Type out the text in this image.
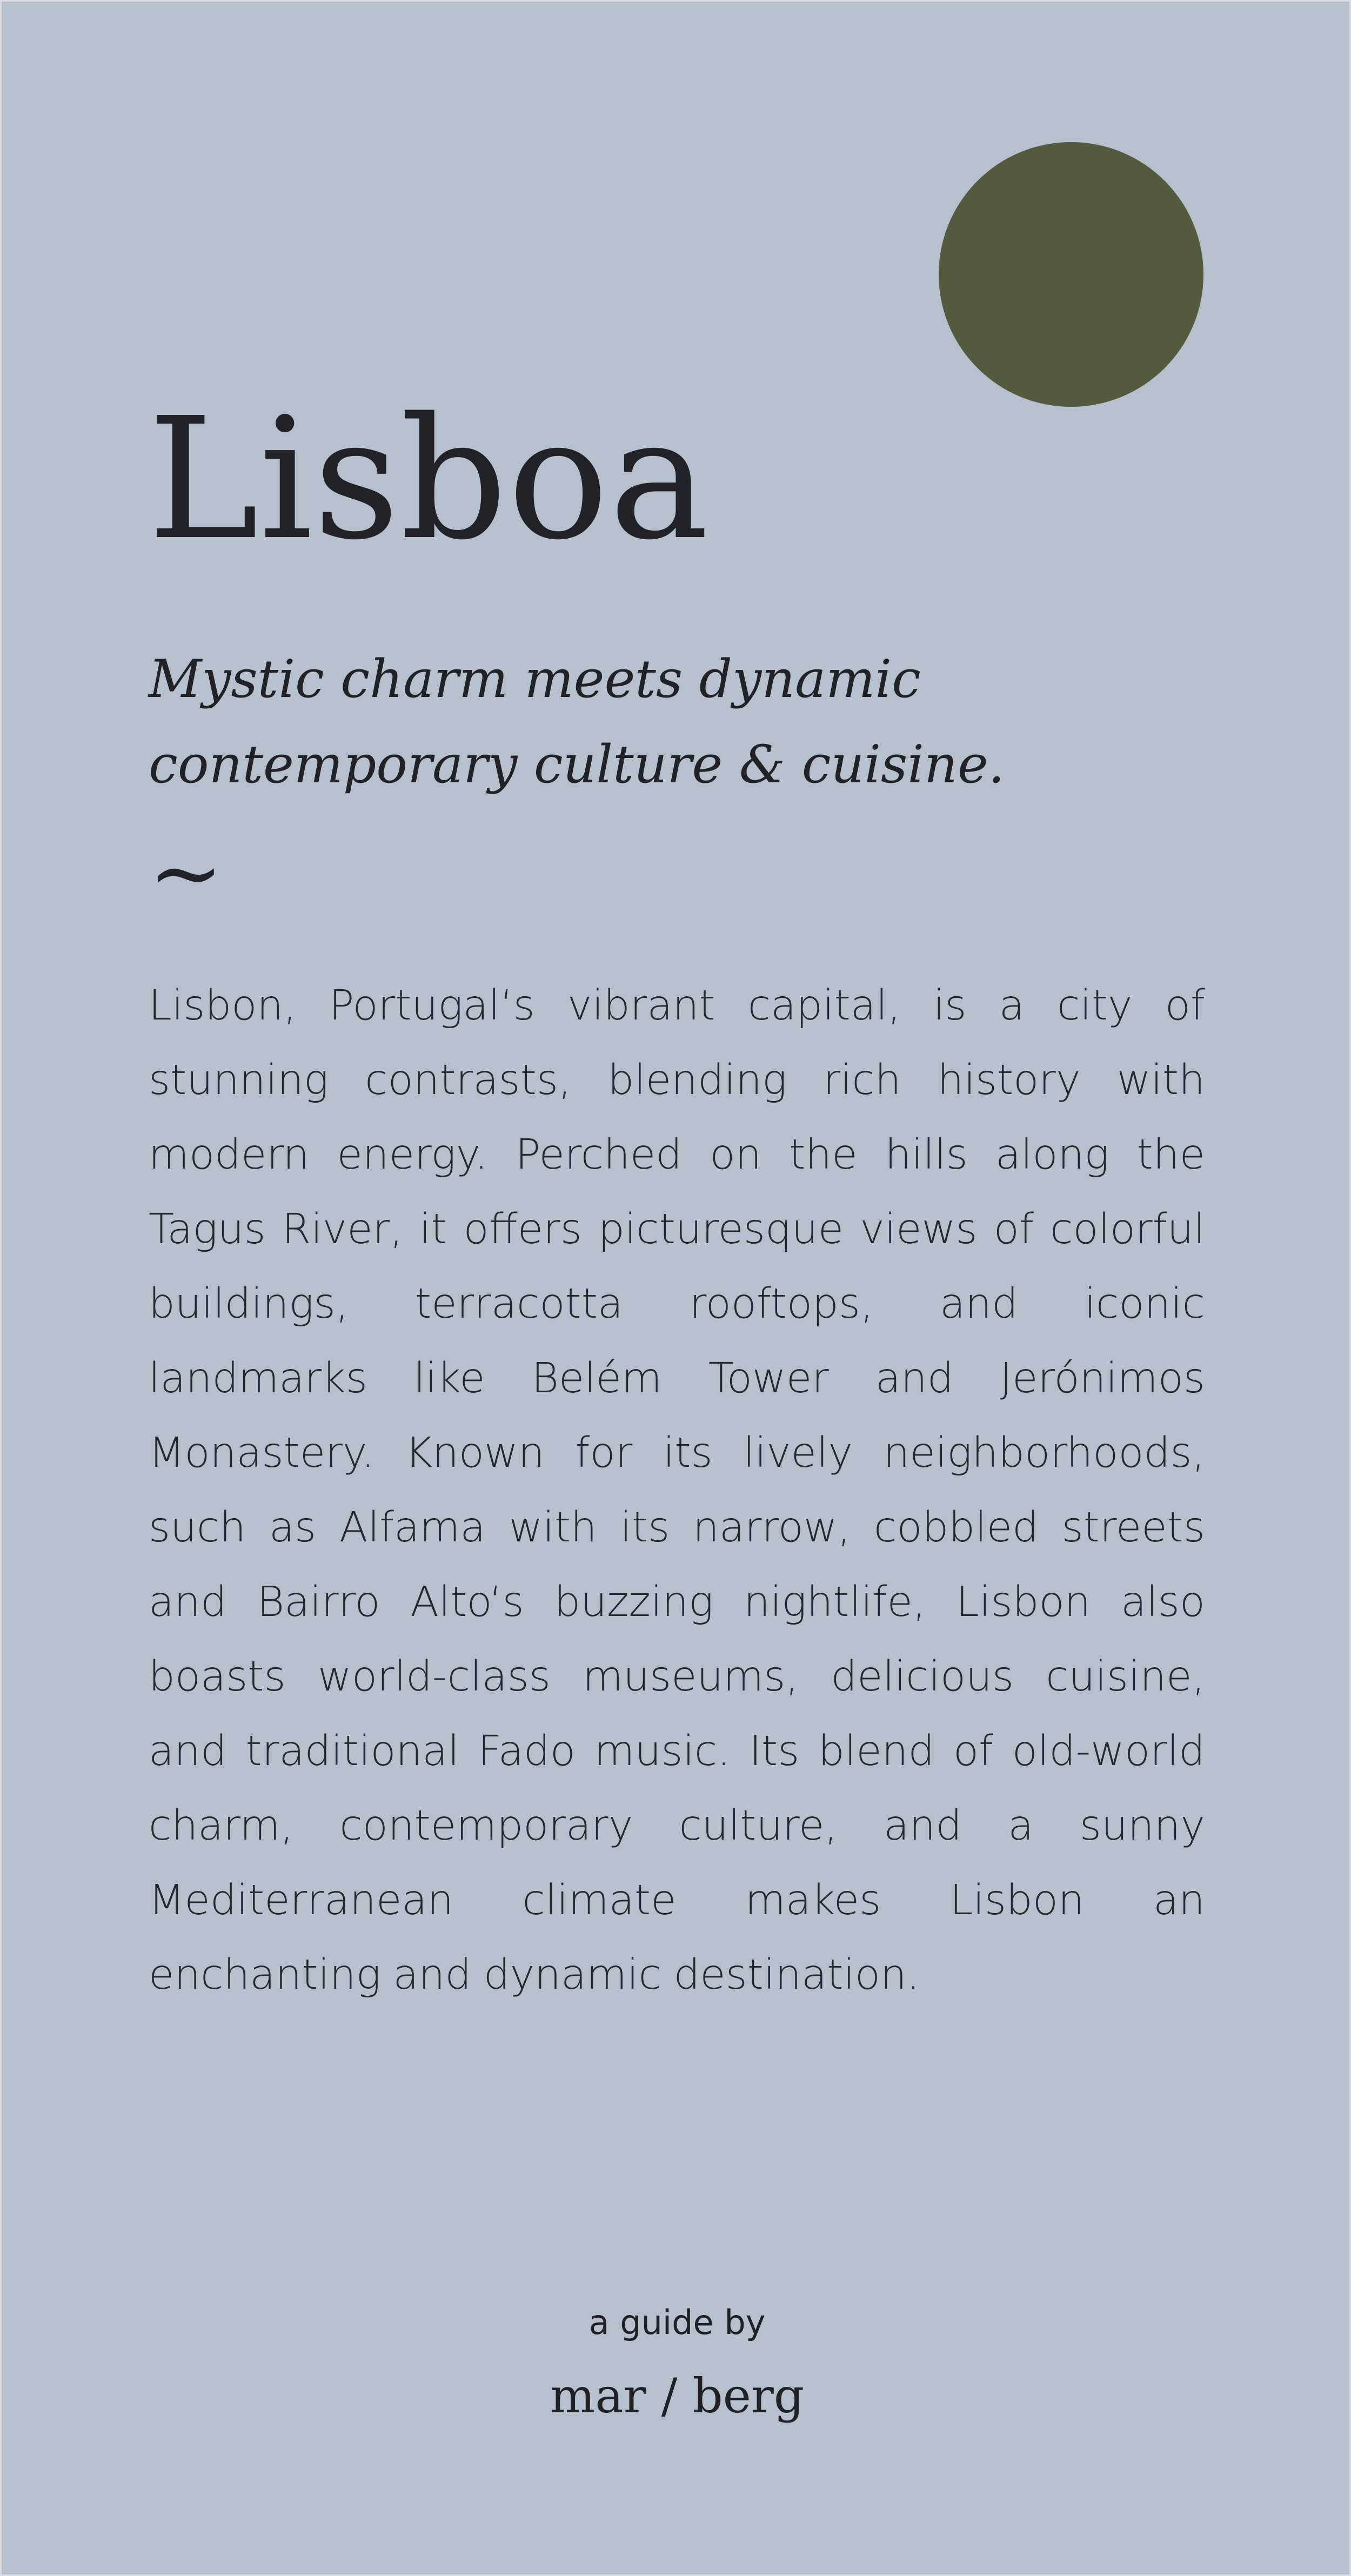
Lisboa

Mystic charm meets dynamic contemporary culture & cuisine.

~

Lisbon, Portugal‘s vibrant capital, is a city of stunning contrasts, blending rich history with modern energy. Perched on the hills along the Tagus River, it offers picturesque views of colorful buildings, terracotta rooftops, and iconic landmarks like Belém Tower and Jerónimos Monastery. Known for its lively neighborhoods, such as Alfama with its narrow, cobbled streets and Bairro Alto‘s buzzing nightlife, Lisbon also boasts world-class museums, delicious cuisine, and traditional Fado music. Its blend of old-world charm, contemporary culture, and a sunny Mediterranean climate makes Lisbon an enchanting and dynamic destination.

a guide by
mar / berg
